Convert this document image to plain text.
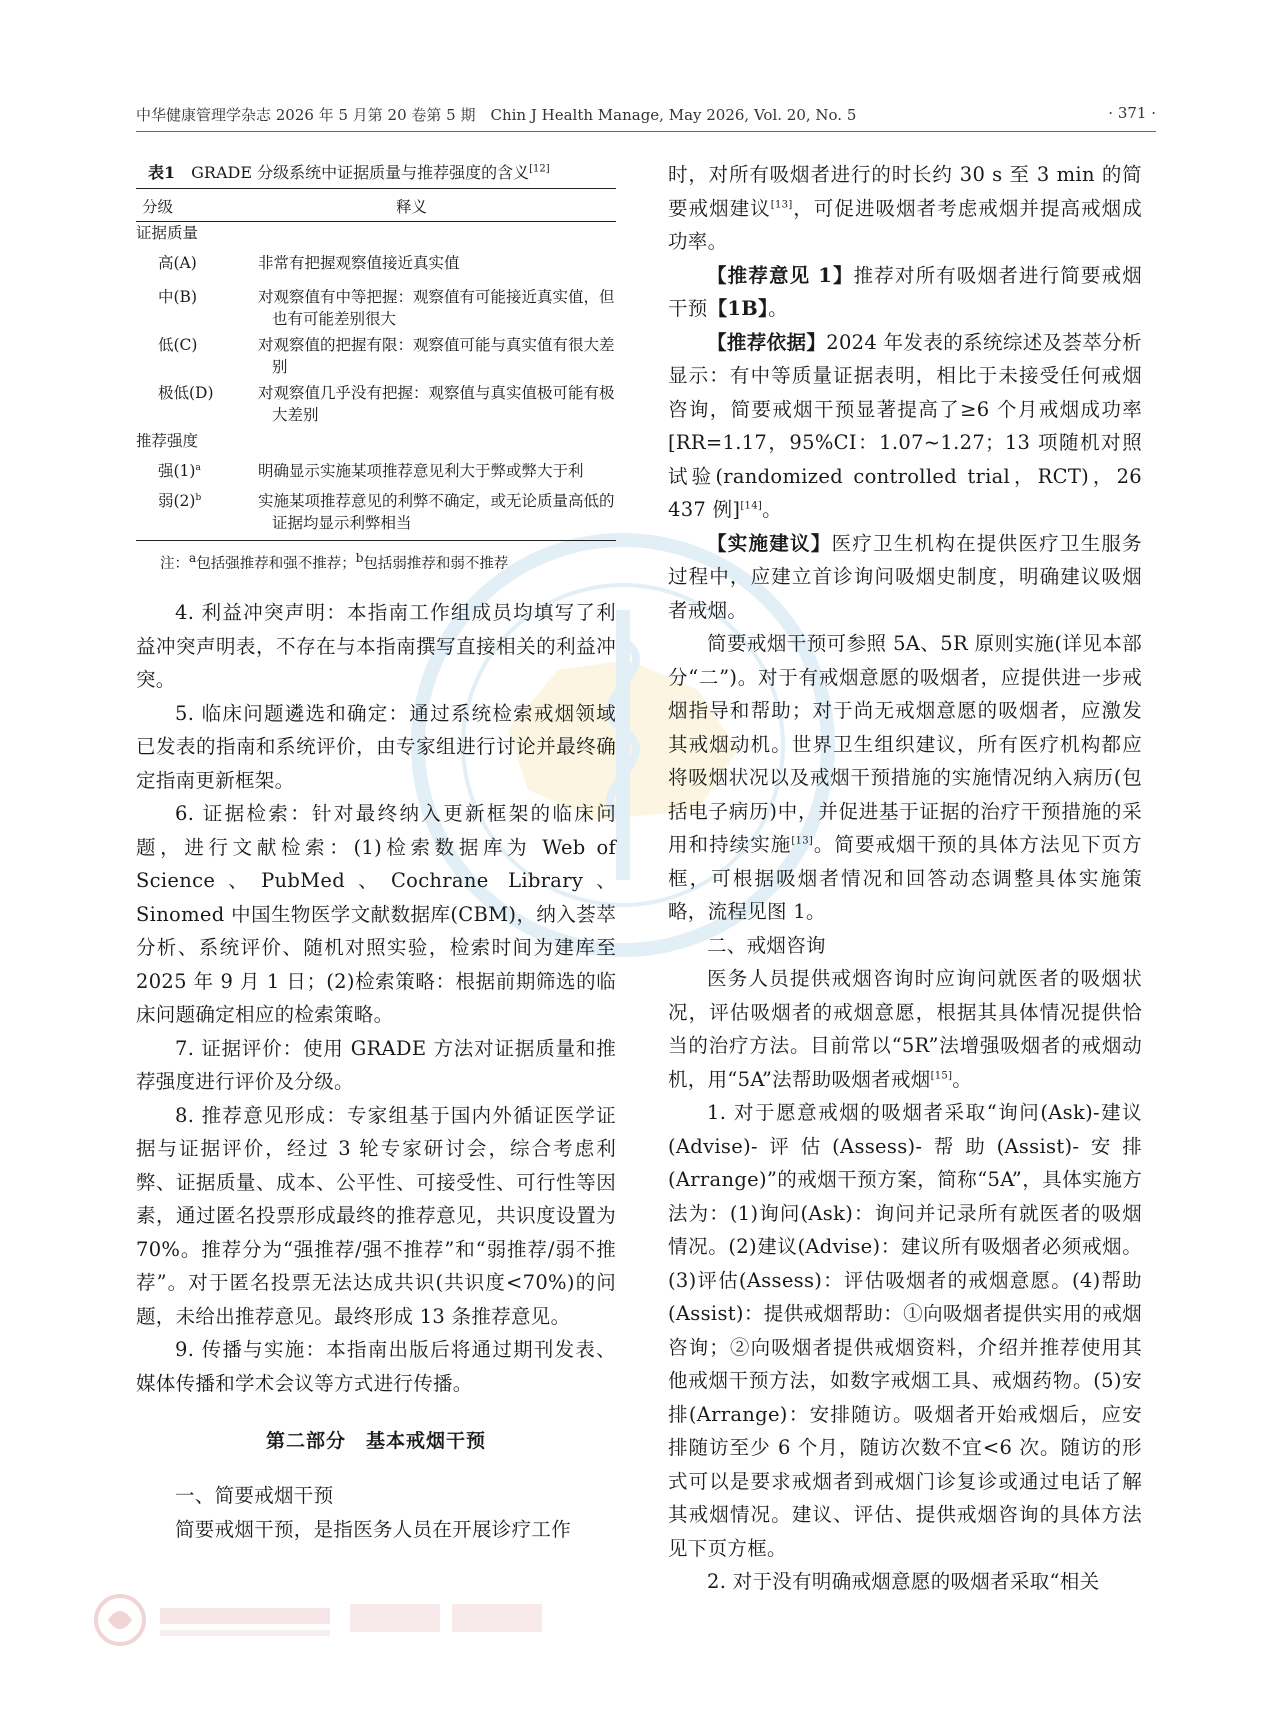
中华健康管理学杂志 2026 年 5 月第 20 卷第 5 期　Chin J Health Manage, May 2026, Vol. 20, No. 5	· 371 ·
表1 GRADE 分级系统中证据质量与推荐强度的含义[12]
分级	释义
证据质量
高(A)	非常有把握观察值接近真实值
中(B)	对观察值有中等把握：观察值有可能接近真实值，但也有可能差别很大
低(C)	对观察值的把握有限：观察值可能与真实值有很大差别
极低(D)	对观察值几乎没有把握：观察值与真实值极可能有极大差别
推荐强度
强$(1)^a$	明确显示实施某项推荐意见利大于弊或弊大于利
弱$(2)^b$	实施某项推荐意见的利弊不确定，或无论质量高低的证据均显示利弊相当
注：$^a$包括强推荐和强不推荐；$^b$包括弱推荐和弱不推荐

4. 利益冲突声明：本指南工作组成员均填写了利益冲突声明表，不存在与本指南撰写直接相关的利益冲突。

5. 临床问题遴选和确定：通过系统检索戒烟领域已发表的指南和系统评价，由专家组进行讨论并最终确定指南更新框架。

6. 证据检索：针对最终纳入更新框架的临床问题，进行文献检索：(1)检索数据库为 Web of Science、PubMed、Cochrane Library、Sinomed 中国生物医学文献数据库(CBM)，纳入荟萃分析、系统评价、随机对照实验，检索时间为建库至 2025 年 9 月 1 日；(2)检索策略：根据前期筛选的临床问题确定相应的检索策略。

7. 证据评价：使用 GRADE 方法对证据质量和推荐强度进行评价及分级。

8. 推荐意见形成：专家组基于国内外循证医学证据与证据评价，经过 3 轮专家研讨会，综合考虑利弊、证据质量、成本、公平性、可接受性、可行性等因素，通过匿名投票形成最终的推荐意见，共识度设置为 70%。推荐分为“强推荐/强不推荐”和“弱推荐/弱不推荐”。对于匿名投票无法达成共识(共识度<70%)的问题，未给出推荐意见。最终形成 13 条推荐意见。

9. 传播与实施：本指南出版后将通过期刊发表、媒体传播和学术会议等方式进行传播。

第二部分　基本戒烟干预

一、简要戒烟干预

简要戒烟干预，是指医务人员在开展诊疗工作

时，对所有吸烟者进行的时长约 30 s 至 3 min 的简要戒烟建议[13]，可促进吸烟者考虑戒烟并提高戒烟成功率。

【推荐意见 1】推荐对所有吸烟者进行简要戒烟干预【1B】。

【推荐依据】2024 年发表的系统综述及荟萃分析显示：有中等质量证据表明，相比于未接受任何戒烟咨询，简要戒烟干预显著提高了≥6 个月戒烟成功率[RR=1.17，95%CI：1.07~1.27；13 项随机对照试验(randomized controlled trial，RCT)，26 437 例][14]。

【实施建议】医疗卫生机构在提供医疗卫生服务过程中，应建立首诊询问吸烟史制度，明确建议吸烟者戒烟。

简要戒烟干预可参照 5A、5R 原则实施(详见本部分“二”)。对于有戒烟意愿的吸烟者，应提供进一步戒烟指导和帮助；对于尚无戒烟意愿的吸烟者，应激发其戒烟动机。世界卫生组织建议，所有医疗机构都应将吸烟状况以及戒烟干预措施的实施情况纳入病历(包括电子病历)中，并促进基于证据的治疗干预措施的采用和持续实施[13]。简要戒烟干预的具体方法见下页方框，可根据吸烟者情况和回答动态调整具体实施策略，流程见图 1。

二、戒烟咨询

医务人员提供戒烟咨询时应询问就医者的吸烟状况，评估吸烟者的戒烟意愿，根据其具体情况提供恰当的治疗方法。目前常以“5R”法增强吸烟者的戒烟动机，用“5A”法帮助吸烟者戒烟[15]。

1. 对于愿意戒烟的吸烟者采取“询问(Ask)-建议(Advise)-评估(Assess)-帮助(Assist)-安排(Arrange)”的戒烟干预方案，简称“5A”，具体实施方法为：(1)询问(Ask)：询问并记录所有就医者的吸烟情况。(2)建议(Advise)：建议所有吸烟者必须戒烟。(3)评估(Assess)：评估吸烟者的戒烟意愿。(4)帮助(Assist)：提供戒烟帮助：①向吸烟者提供实用的戒烟咨询；②向吸烟者提供戒烟资料，介绍并推荐使用其他戒烟干预方法，如数字戒烟工具、戒烟药物。(5)安排(Arrange)：安排随访。吸烟者开始戒烟后，应安排随访至少 6 个月，随访次数不宜<6 次。随访的形式可以是要求戒烟者到戒烟门诊复诊或通过电话了解其戒烟情况。建议、评估、提供戒烟咨询的具体方法见下页方框。

2. 对于没有明确戒烟意愿的吸烟者采取“相关
